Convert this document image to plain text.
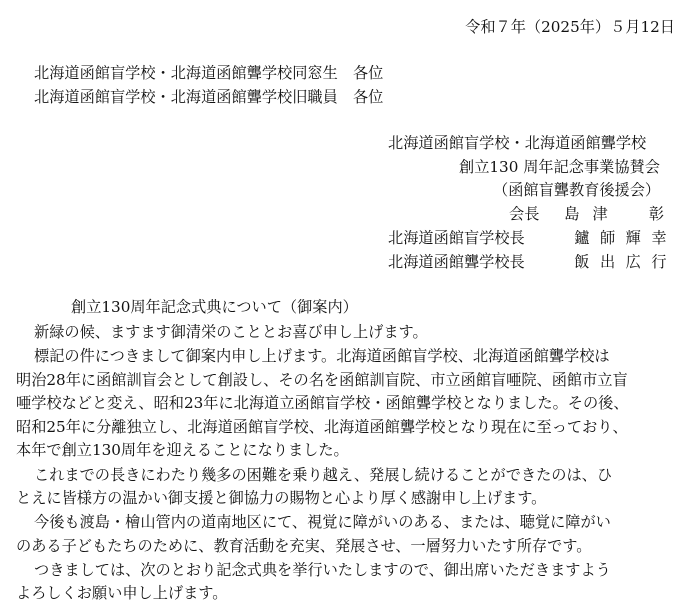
令和７年（2025年）５月12日
北海道函館盲学校・北海道函館聾学校同窓生　各位
北海道函館盲学校・北海道函館聾学校旧職員　各位
北海道函館盲学校・北海道函館聾学校
創立130 周年記念事業協賛会
（函館盲聾教育後援会）
会長 島津　彰
北海道函館盲学校長	鑪師輝幸
北海道函館聾学校長	飯出広行
創立130周年記念式典について（御案内）
新緑の候、ますます御清栄のこととお喜び申し上げます。
標記の件につきまして御案内申し上げます。北海道函館盲学校、北海道函館聾学校は
明治28年に函館訓盲会として創設し、その名を函館訓盲院、市立函館盲唖院、函館市立盲
唖学校などと変え、昭和23年に北海道立函館盲学校・函館聾学校となりました。その後、
昭和25年に分離独立し、北海道函館盲学校、北海道函館聾学校となり現在に至っており、
本年で創立130周年を迎えることになりました。
これまでの長きにわたり幾多の困難を乗り越え、発展し続けることができたのは、ひ
とえに皆様方の温かい御支援と御協力の賜物と心より厚く感謝申し上げます。
今後も渡島・檜山管内の道南地区にて、視覚に障がいのある、または、聴覚に障がい
のある子どもたちのために、教育活動を充実、発展させ、一層努力いたす所存です。
つきましては、次のとおり記念式典を挙行いたしますので、御出席いただきますよう
よろしくお願い申し上げます。
